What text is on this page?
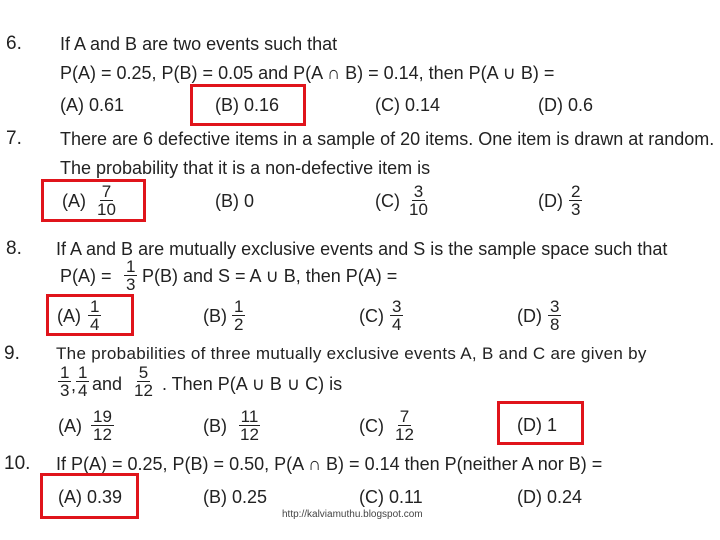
6. If A and B are two events such that
P(A) = 0.25, P(B) = 0.05 and P(A ∩ B) = 0.14, then P(A ∪ B) =
(A) 0.61	(B) 0.16	(C) 0.14	(D) 0.6
7. There are 6 defective items in a sample of 20 items. One item is drawn at random.
The probability that it is a non-defective item is
$(A) \frac{7}{10}$	(B) 0	$(C) \frac{3}{10}$	$(D) \frac{2}{3}$
8. If A and B are mutually exclusive events and S is the sample space such that
$P(A) = \frac{1}{3} P(B)$ and S = A ∪ B, then P(A) =
$(A) \frac{1}{4}$	$(B) \frac{1}{2}$	$(C) \frac{3}{4}$	$(D) \frac{3}{8}$
9. The probabilities of three mutually exclusive events A, B and C are given by
$\frac{1}{3}$ , $\frac{1}{4}$ and $\frac{5}{12}$ . Then P(A ∪ B ∪ C) is
$(A) \frac{19}{12}$	$(B) \frac{11}{12}$	$(C) \frac{7}{12}$	(D) 1
10. If P(A) = 0.25, P(B) = 0.50, P(A ∩ B) = 0.14 then P(neither A nor B) =
(A) 0.39	(B) 0.25	(C) 0.11	(D) 0.24
http://kalviamuthu.blogspot.com
